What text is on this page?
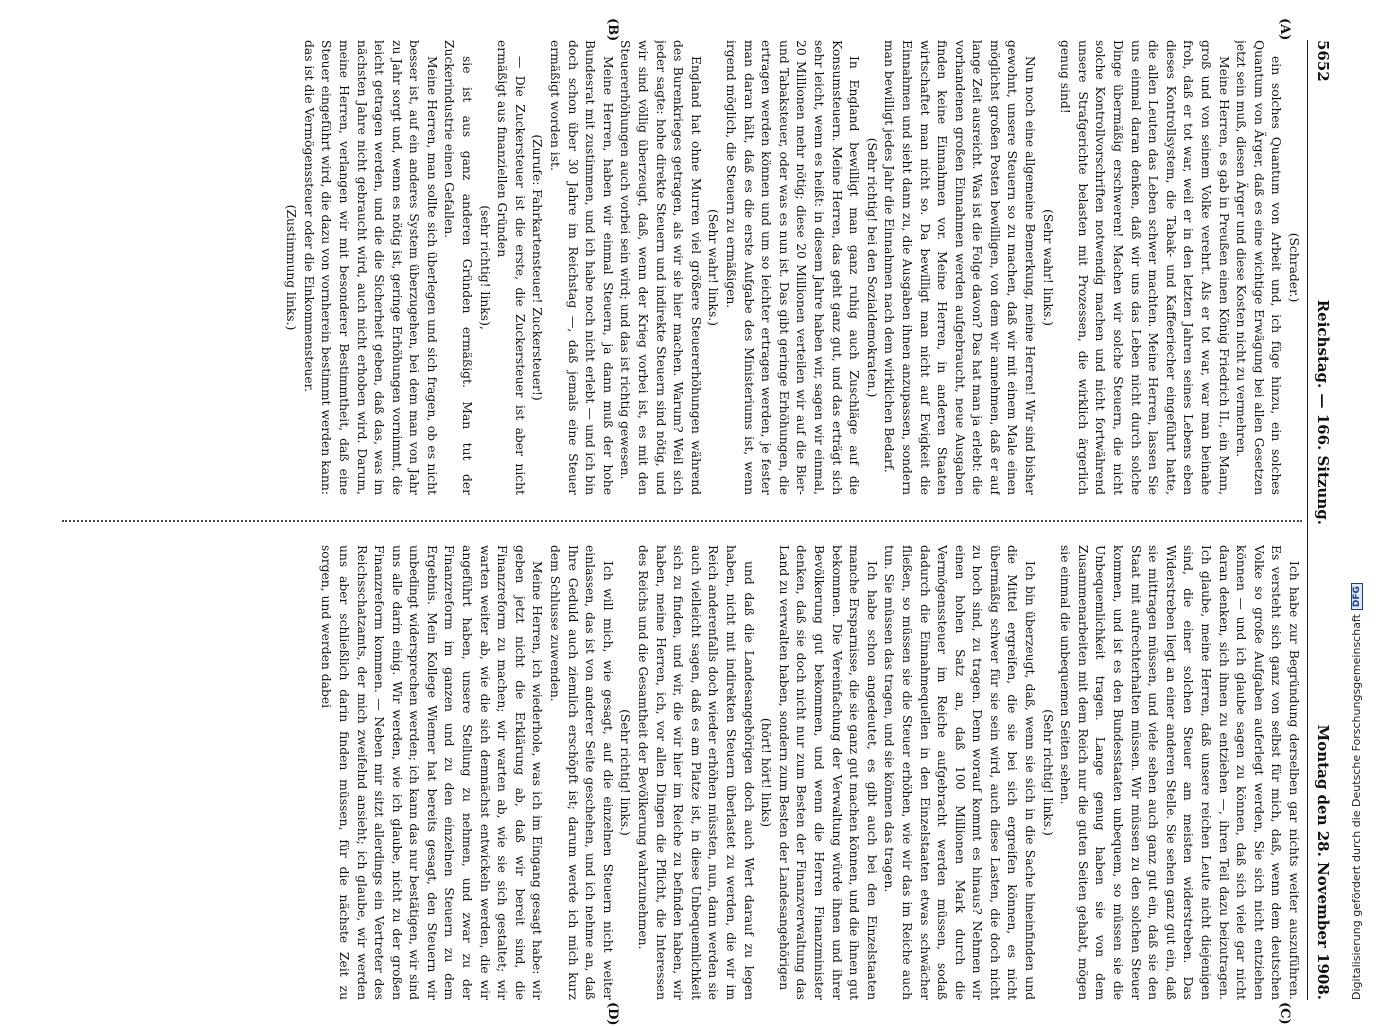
5652
Reichstag. — 166. Sitzung.
Montag den 28. November 1908.
(A)
(B)
(C)
(D)

(Schrader.)

ein solches Quantum von Arbeit und, ich füge hinzu, ein solches Quantum von Ärger, daß es eine wichtige Erwägung bei allen Gesetzen jetzt sein muß, diesen Ärger und diese Kosten nicht zu vermehren.

Meine Herren, es gab in Preußen einen König Friedrich II., ein Mann, groß und von seinem Volke verehrt. Als er tot war, war man beinahe froh, daß er tot war, weil er in den letzten Jahren seines Lebens eben dieses Kontrollsystem, die Tabak- und Kaffeeriecher eingeführt hatte, die allen Leuten das Leben schwer machten. Meine Herren, lassen Sie uns einmal daran denken, daß wir uns das Leben nicht durch solche Dinge übermäßig erschweren! Machen wir solche Steuern, die nicht solche Kontrollvorschriften notwendig machen und nicht fortwährend unsere Strafgerichte belasten mit Prozessen, die wirklich ärgerlich genug sind!

(Sehr wahr! links.)

Nun noch eine allgemeine Bemerkung, meine Herren! Wir sind bisher gewohnt, unsere Steuern so zu machen, daß wir mit einem Male einen möglichst großen Posten bewilligen, von dem wir annehmen, daß er auf lange Zeit ausreicht. Was ist die Folge davon? Das hat man ja erlebt: die vorhandenen großen Einnahmen werden aufgebraucht, neue Ausgaben finden keine Einnahmen vor. Meine Herren, in anderen Staaten wirtschaftet man nicht so. Da bewilligt man nicht auf Ewigkeit die Einnahmen und sieht dann zu, die Ausgaben ihnen anzupassen, sondern man bewilligt jedes Jahr die Einnahmen nach dem wirklichen Bedarf.

(Sehr richtig! bei den Sozialdemokraten.)

In England bewilligt man ganz ruhig auch Zuschläge auf die Konsumsteuern. Meine Herren, das geht ganz gut, und das erträgt sich sehr leicht, wenn es heißt: in diesem Jahre haben wir, sagen wir einmal, 20 Millionen mehr nötig; diese 20 Millionen verteilen wir auf die Bier- und Tabaksteuer, oder was es nun ist. Das gibt geringe Erhöhungen, die ertragen werden können und um so leichter ertragen werden, je fester man daran hält, daß es die erste Aufgabe des Ministeriums ist, wenn irgend möglich, die Steuern zu ermäßigen.

(Sehr wahr! links.)

England hat ohne Murren viel größere Steuererhöhungen während des Burenkrieges getragen, als wir sie hier machen. Warum? Weil sich jeder sagte: hohe direkte Steuern und indirekte Steuern sind nötig, und wir sind völlig überzeugt, daß, wenn der Krieg vorbei ist, es mit den Steuererhöhungen auch vorbei sein wird; und das ist richtig gewesen.

Meine Herren, haben wir einmal Steuern, ja dann muß der hohe Bundesrat mit zustimmen, und ich habe noch nicht erlebt — und ich bin doch schon über 30 Jahre im Reichstag —, daß jemals eine Steuer ermäßigt worden ist.

(Zurufe: Fahrkartensteuer! Zuckersteuer!)

— Die Zuckersteuer ist die erste, die Zuckersteuer ist aber nicht ermäßigt aus finanziellen Gründen

(sehr richtig! links),

sie ist aus ganz anderen Gründen ermäßigt. Man tut der Zuckerindustrie einen Gefallen.

Meine Herren, man sollte sich überlegen und sich fragen, ob es nicht besser ist, auf ein anderes System überzugehen, bei dem man von Jahr zu Jahr sorgt und, wenn es nötig ist, geringe Erhöhungen vornimmt, die leicht getragen werden, und die die Sicherheit geben, daß das, was im nächsten Jahre nicht gebraucht wird, auch nicht erhoben wird. Darum, meine Herren, verlangen wir mit besonderer Bestimmtheit, daß eine Steuer eingeführt wird, die dazu von vornherein bestimmt werden kann: das ist die Vermögenssteuer oder die Einkommensteuer.

(Zustimmung links.)

Ich habe zur Begründung derselben gar nichts weiter auszuführen. Es versteht sich ganz von selbst für mich, daß, wenn dem deutschen Volke so große Aufgaben auferlegt werden, Sie sich nicht entziehen können — und ich glaube sagen zu können, daß sich viele gar nicht daran denken, sich ihnen zu entziehen —, ihren Teil dazu beizutragen. Ich glaube, meine Herren, daß unsere reichen Leute nicht diejenigen sind, die einer solchen Steuer am meisten widerstreben. Das Widerstreben liegt an einer anderen Stelle. Sie sehen ganz gut ein, daß sie mittragen müssen, und viele sehen auch ganz gut ein, daß sie den Staat mit aufrechterhalten müssen. Wir müssen zu den solchen Steuer kommen, und ist es den Bundesstaaten unbequem, so müssen sie die Unbequemlichkeit tragen. Lange genug haben sie von dem Zusammenarbeiten mit dem Reich nur die guten Seiten gehabt, mögen sie einmal die unbequemen Seiten sehen.

(Sehr richtig! links.)

Ich bin überzeugt, daß, wenn sie sich in die Sache hineinfinden und die Mittel ergreifen, die sie bei sich ergreifen können, es nicht übermäßig schwer für sie sein wird, auch diese Lasten, die doch nicht zu hoch sind, zu tragen. Denn worauf kommt es hinaus? Nehmen wir einen hohen Satz an, daß 100 Millionen Mark durch die Vermögenssteuer im Reiche aufgebracht werden müssen, sodaß dadurch die Einnahmequellen in den Einzelstaaten etwas schwächer fließen, so müssen sie die Steuer erhöhen, wie wir das im Reiche auch tun. Sie müssen das tragen, und sie können das tragen.

Ich habe schon angedeutet, es gibt auch bei den Einzelstaaten manche Ersparnisse, die sie ganz gut machen können, und die ihnen gut bekommen. Die Vereinfachung der Verwaltung würde ihnen und ihrer Bevölkerung gut bekommen, und wenn die Herren Finanzminister denken, daß sie doch nicht nur zum Besten der Finanzverwaltung das Land zu verwalten haben, sondern zum Besten der Landesangehörigen

(hört! hört! links)

und daß die Landesangehörigen doch auch Wert darauf zu legen haben, nicht mit indirekten Steuern überlastet zu werden, die wir im Reich anderenfalls doch wieder erhöhen müssten, nun, dann werden sie auch vielleicht sagen, daß es am Platze ist, in diese Unbequemlichkeit sich zu finden, und wir, die wir hier im Reiche zu befinden haben, wir haben, meine Herren, ich, vor allen Dingen die Pflicht, die Interessen des Reichs und die Gesamtheit der Bevölkerung wahrzunehmen.

(Sehr richtig! links.)

Ich will mich, wie gesagt, auf die einzelnen Steuern nicht weiter einlassen, das ist von anderer Seite geschehen, und ich nehme an, daß Ihre Geduld auch ziemlich erschöpft ist; darum werde ich mich kurz dem Schlusse zuwenden.

Meine Herren, ich wiederhole, was ich im Eingang gesagt habe: wir geben jetzt nicht die Erklärung ab, daß wir bereit sind, die Finanzreform zu machen; wir warten ab, wie sie sich gestaltet; wir warten weiter ab, wie die sich demnächst entwickeln werden, die wir angeführt haben, unsere Stellung zu nehmen, und zwar zu der Finanzreform im ganzen und zu den einzelnen Steuern zu dem Ergebnis. Mein Kollege Wiemer hat bereits gesagt, den Steuern wir unbedingt widersprechen werden; ich kann das nur bestätigen, wir sind uns alle darin einig. Wir werden, wie ich glaube, nicht zu der großen Finanzreform kommen. — Neben mir sitzt allerdings ein Vertreter des Reichsschatzamts, der mich zweifelnd ansieht; ich glaube, wir werden uns aber schließlich darin finden müssen, für die nächste Zeit zu sorgen, und werden dabei	Digitalisierung gefördert durch die Deutsche Forschungsgemeinschaft
DFG
